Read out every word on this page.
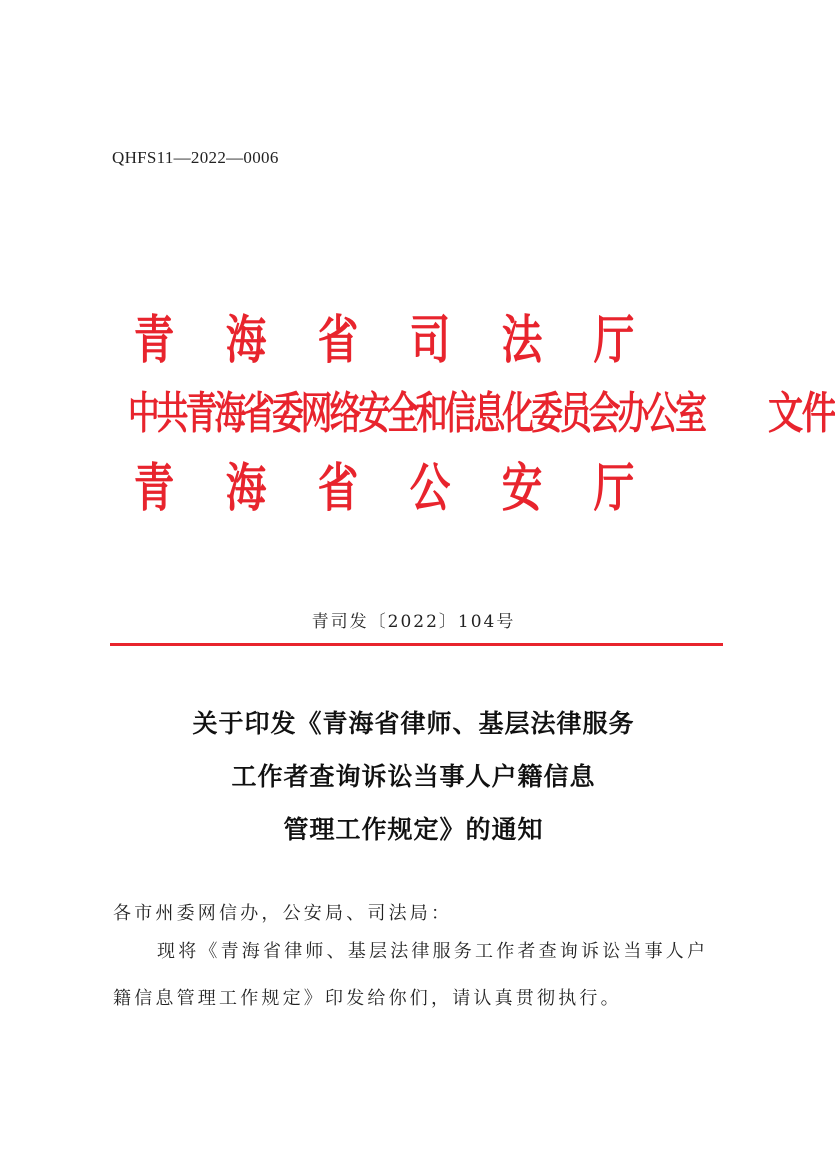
QHFS11—2022—0006
青 海 省 司 法 厅
中共青海省委网络安全和信息化委员会办公室 文件
青 海 省 公 安 厅
青司发〔2022〕104号
关于印发《青海省律师、基层法律服务
工作者查询诉讼当事人户籍信息
管理工作规定》的通知
各市州委网信办，公安局、司法局：
现将《青海省律师、基层法律服务工作者查询诉讼当事人户
籍信息管理工作规定》印发给你们，请认真贯彻执行。
